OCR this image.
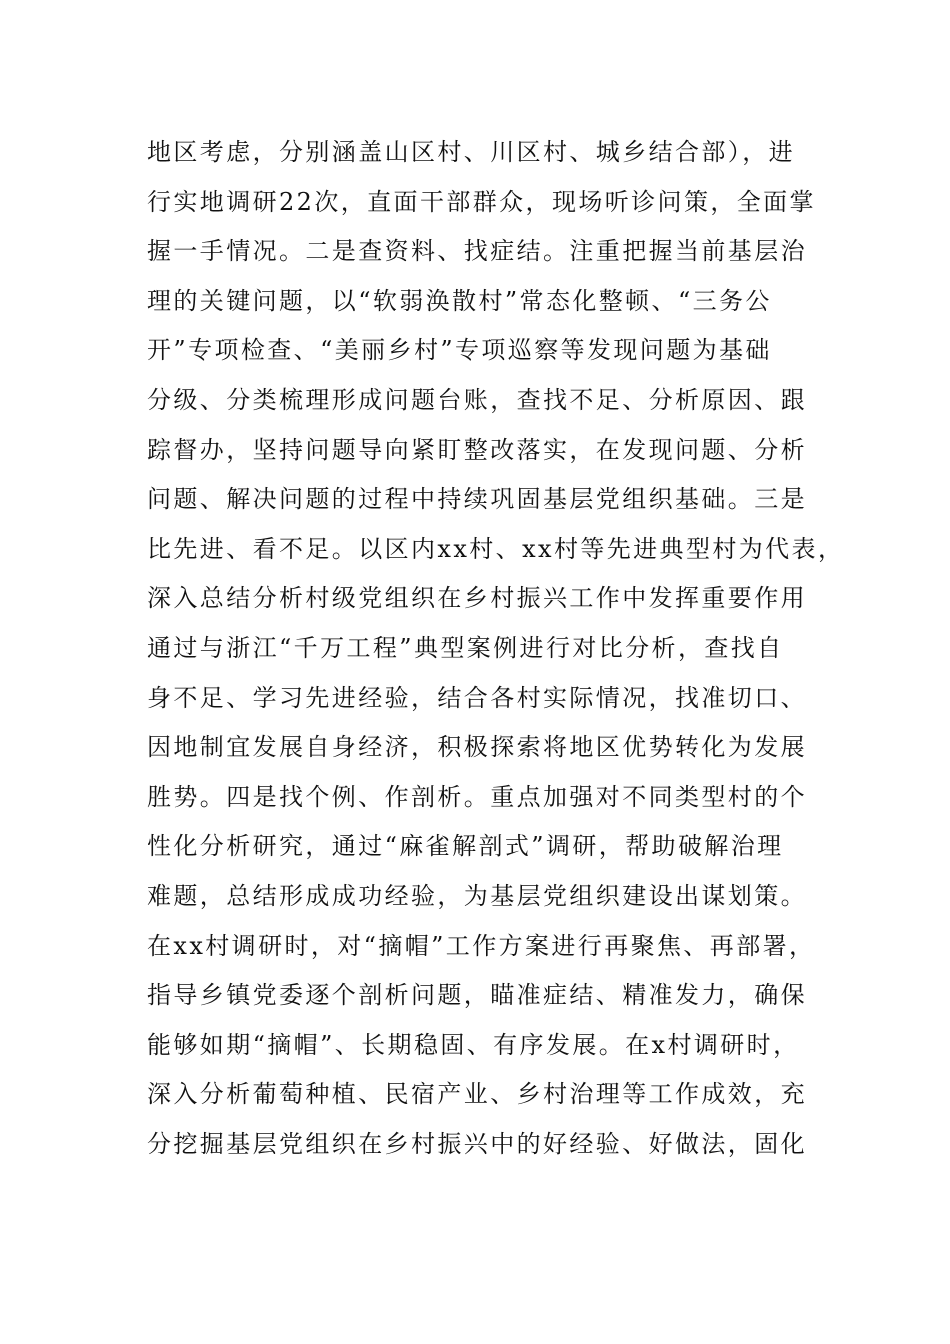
地区考虑，分别涵盖山区村、川区村、城乡结合部），进
行实地调研22次，直面干部群众，现场听诊问策，全面掌
握一手情况。二是查资料、找症结。注重把握当前基层治
理的关键问题，以“软弱涣散村”常态化整顿、“三务公
开”专项检查、“美丽乡村”专项巡察等发现问题为基础
分级、分类梳理形成问题台账，查找不足、分析原因、跟
踪督办，坚持问题导向紧盯整改落实，在发现问题、分析
问题、解决问题的过程中持续巩固基层党组织基础。三是
比先进、看不足。以区内xx村、xx村等先进典型村为代表，
深入总结分析村级党组织在乡村振兴工作中发挥重要作用
通过与浙江“千万工程”典型案例进行对比分析，查找自
身不足、学习先进经验，结合各村实际情况，找准切口、
因地制宜发展自身经济，积极探索将地区优势转化为发展
胜势。四是找个例、作剖析。重点加强对不同类型村的个
性化分析研究，通过“麻雀解剖式”调研，帮助破解治理
难题，总结形成成功经验，为基层党组织建设出谋划策。
在xx村调研时，对“摘帽”工作方案进行再聚焦、再部署，
指导乡镇党委逐个剖析问题，瞄准症结、精准发力，确保
能够如期“摘帽”、长期稳固、有序发展。在x村调研时，
深入分析葡萄种植、民宿产业、乡村治理等工作成效，充
分挖掘基层党组织在乡村振兴中的好经验、好做法，固化
